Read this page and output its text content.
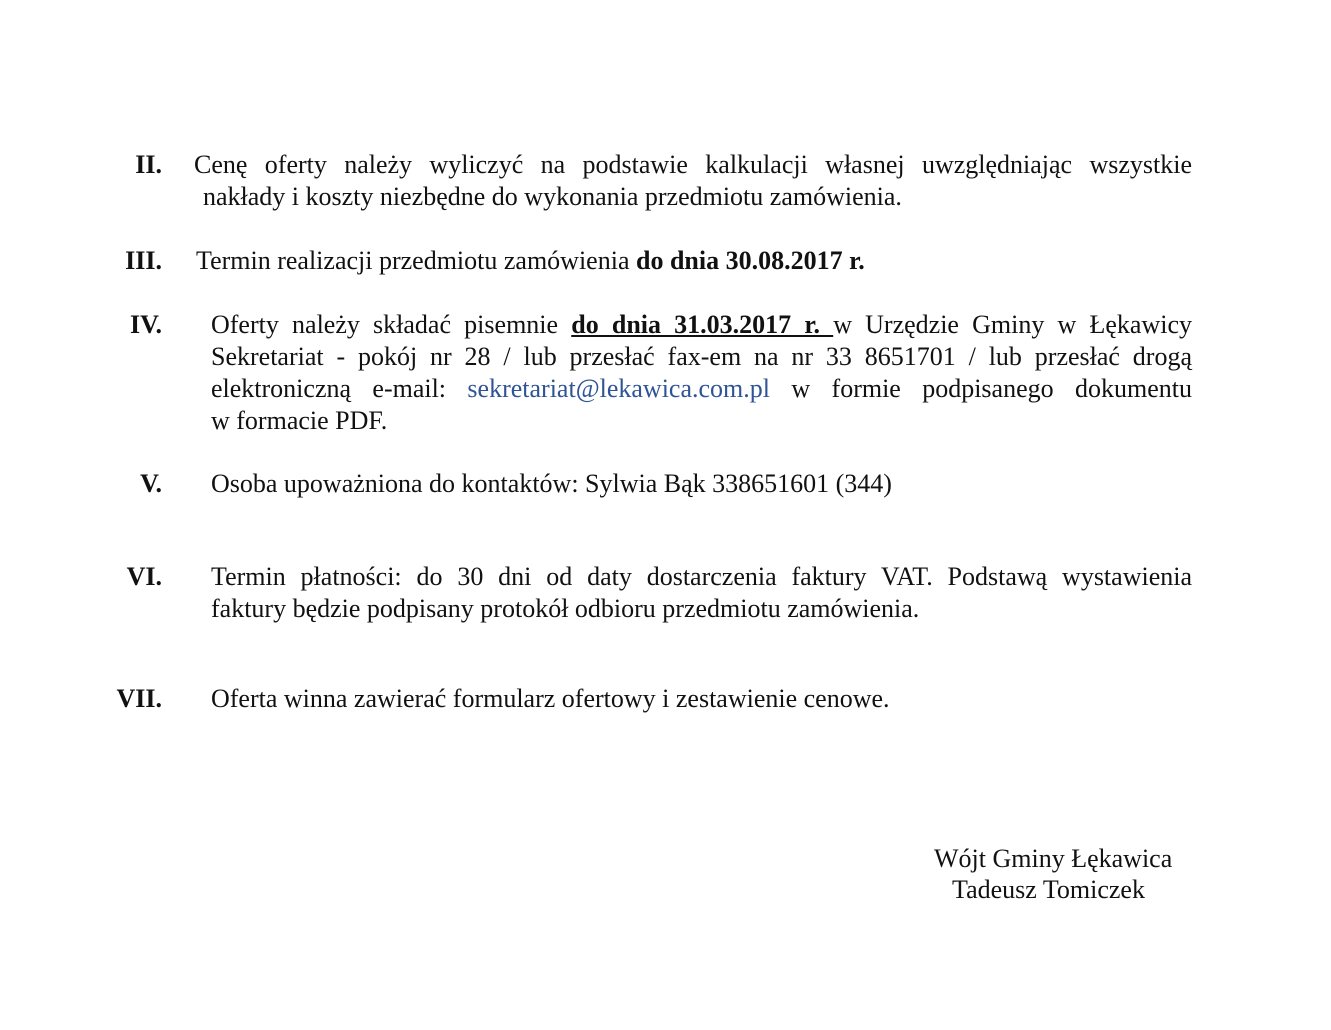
II. Cenę oferty należy wyliczyć na podstawie kalkulacji własnej uwzględniając wszystkie
nakłady i koszty niezbędne do wykonania przedmiotu zamówienia.
III. Termin realizacji przedmiotu zamówienia do dnia 30.08.2017 r.
IV. Oferty należy składać pisemnie do dnia 31.03.2017 r. w Urzędzie Gminy w Łękawicy
Sekretariat - pokój nr 28 / lub przesłać fax-em na nr 33 8651701 / lub przesłać drogą
elektroniczną e-mail: sekretariat@lekawica.com.pl w formie podpisanego dokumentu
w formacie PDF.
V. Osoba upoważniona do kontaktów: Sylwia Bąk 338651601 (344)
VI. Termin płatności: do 30 dni od daty dostarczenia faktury VAT. Podstawą wystawienia
faktury będzie podpisany protokół odbioru przedmiotu zamówienia.
VII. Oferta winna zawierać formularz ofertowy i zestawienie cenowe.
Wójt Gminy Łękawica
Tadeusz Tomiczek
